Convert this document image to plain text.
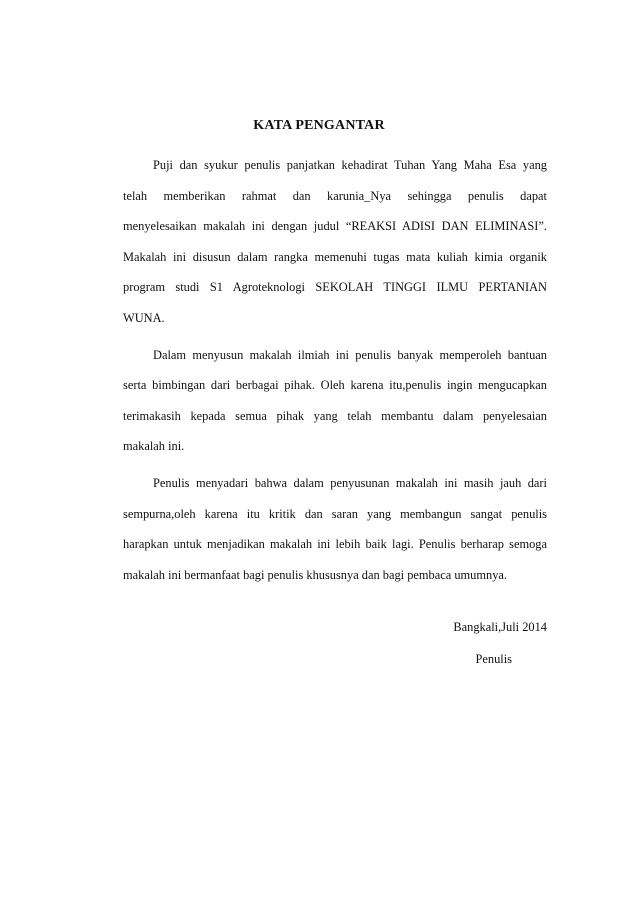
KATA PENGANTAR

Puji dan syukur penulis panjatkan kehadirat Tuhan Yang Maha Esa yang
telah memberikan rahmat dan karunia_Nya sehingga penulis dapat
menyelesaikan makalah ini dengan judul “REAKSI ADISI DAN ELIMINASI”.
Makalah ini disusun dalam rangka memenuhi tugas mata kuliah kimia organik
program studi S1 Agroteknologi SEKOLAH TINGGI ILMU PERTANIAN
WUNA.

Dalam menyusun makalah ilmiah ini penulis banyak memperoleh bantuan
serta bimbingan dari berbagai pihak. Oleh karena itu,penulis ingin mengucapkan
terimakasih kepada semua pihak yang telah membantu dalam penyelesaian
makalah ini.

Penulis menyadari bahwa dalam penyusunan makalah ini masih jauh dari
sempurna,oleh karena itu kritik dan saran yang membangun sangat penulis
harapkan untuk menjadikan makalah ini lebih baik lagi. Penulis berharap semoga
makalah ini bermanfaat bagi penulis khususnya dan bagi pembaca umumnya.

Bangkali,Juli 2014

Penulis
